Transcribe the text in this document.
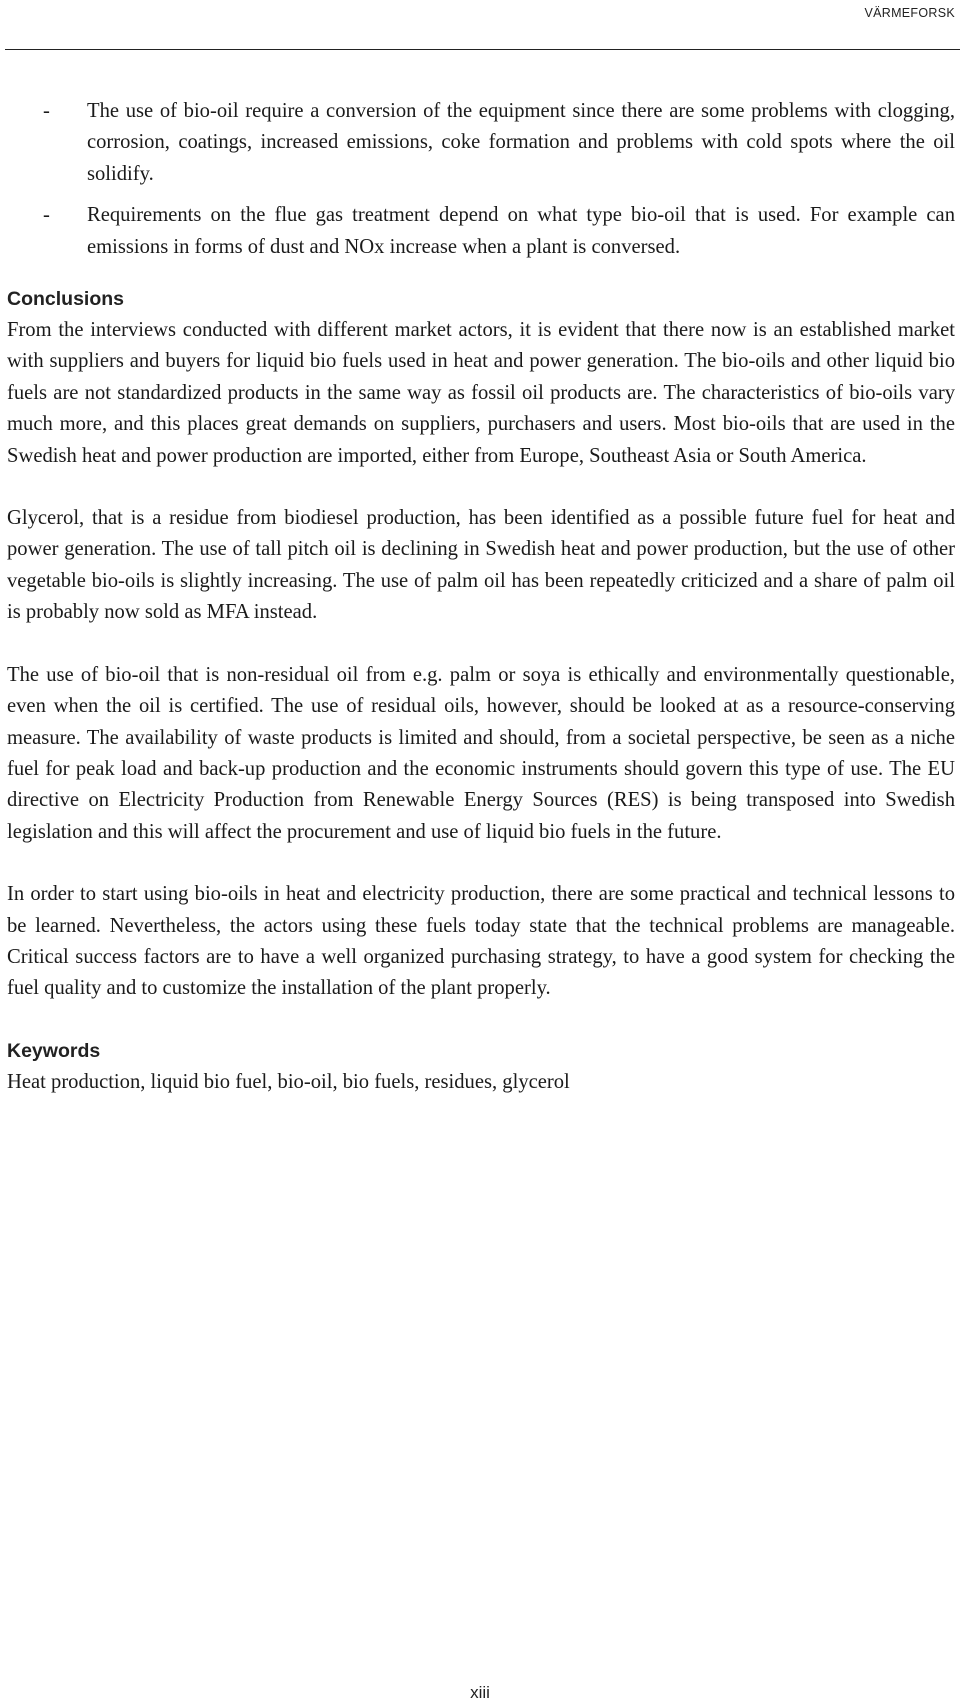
VÄRMEFORSK

- The use of bio-oil require a conversion of the equipment since there are some problems with clogging, corrosion, coatings, increased emissions, coke formation and problems with cold spots where the oil solidify.

- Requirements on the flue gas treatment depend on what type bio-oil that is used. For example can emissions in forms of dust and NOx increase when a plant is conversed.

Conclusions

From the interviews conducted with different market actors, it is evident that there now is an established market with suppliers and buyers for liquid bio fuels used in heat and power generation. The bio-oils and other liquid bio fuels are not standardized products in the same way as fossil oil products are. The characteristics of bio-oils vary much more, and this places great demands on suppliers, purchasers and users. Most bio-oils that are used in the Swedish heat and power production are imported, either from Europe, Southeast Asia or South America.

Glycerol, that is a residue from biodiesel production, has been identified as a possible future fuel for heat and power generation. The use of tall pitch oil is declining in Swedish heat and power production, but the use of other vegetable bio-oils is slightly increasing. The use of palm oil has been repeatedly criticized and a share of palm oil is probably now sold as MFA instead.

The use of bio-oil that is non-residual oil from e.g. palm or soya is ethically and environmentally questionable, even when the oil is certified. The use of residual oils, however, should be looked at as a resource-conserving measure. The availability of waste products is limited and should, from a societal perspective, be seen as a niche fuel for peak load and back-up production and the economic instruments should govern this type of use. The EU directive on Electricity Production from Renewable Energy Sources (RES) is being transposed into Swedish legislation and this will affect the procurement and use of liquid bio fuels in the future.

In order to start using bio-oils in heat and electricity production, there are some practical and technical lessons to be learned. Nevertheless, the actors using these fuels today state that the technical problems are manageable. Critical success factors are to have a well organized purchasing strategy, to have a good system for checking the fuel quality and to customize the installation of the plant properly.

Keywords

Heat production, liquid bio fuel, bio-oil, bio fuels, residues, glycerol

xiii
